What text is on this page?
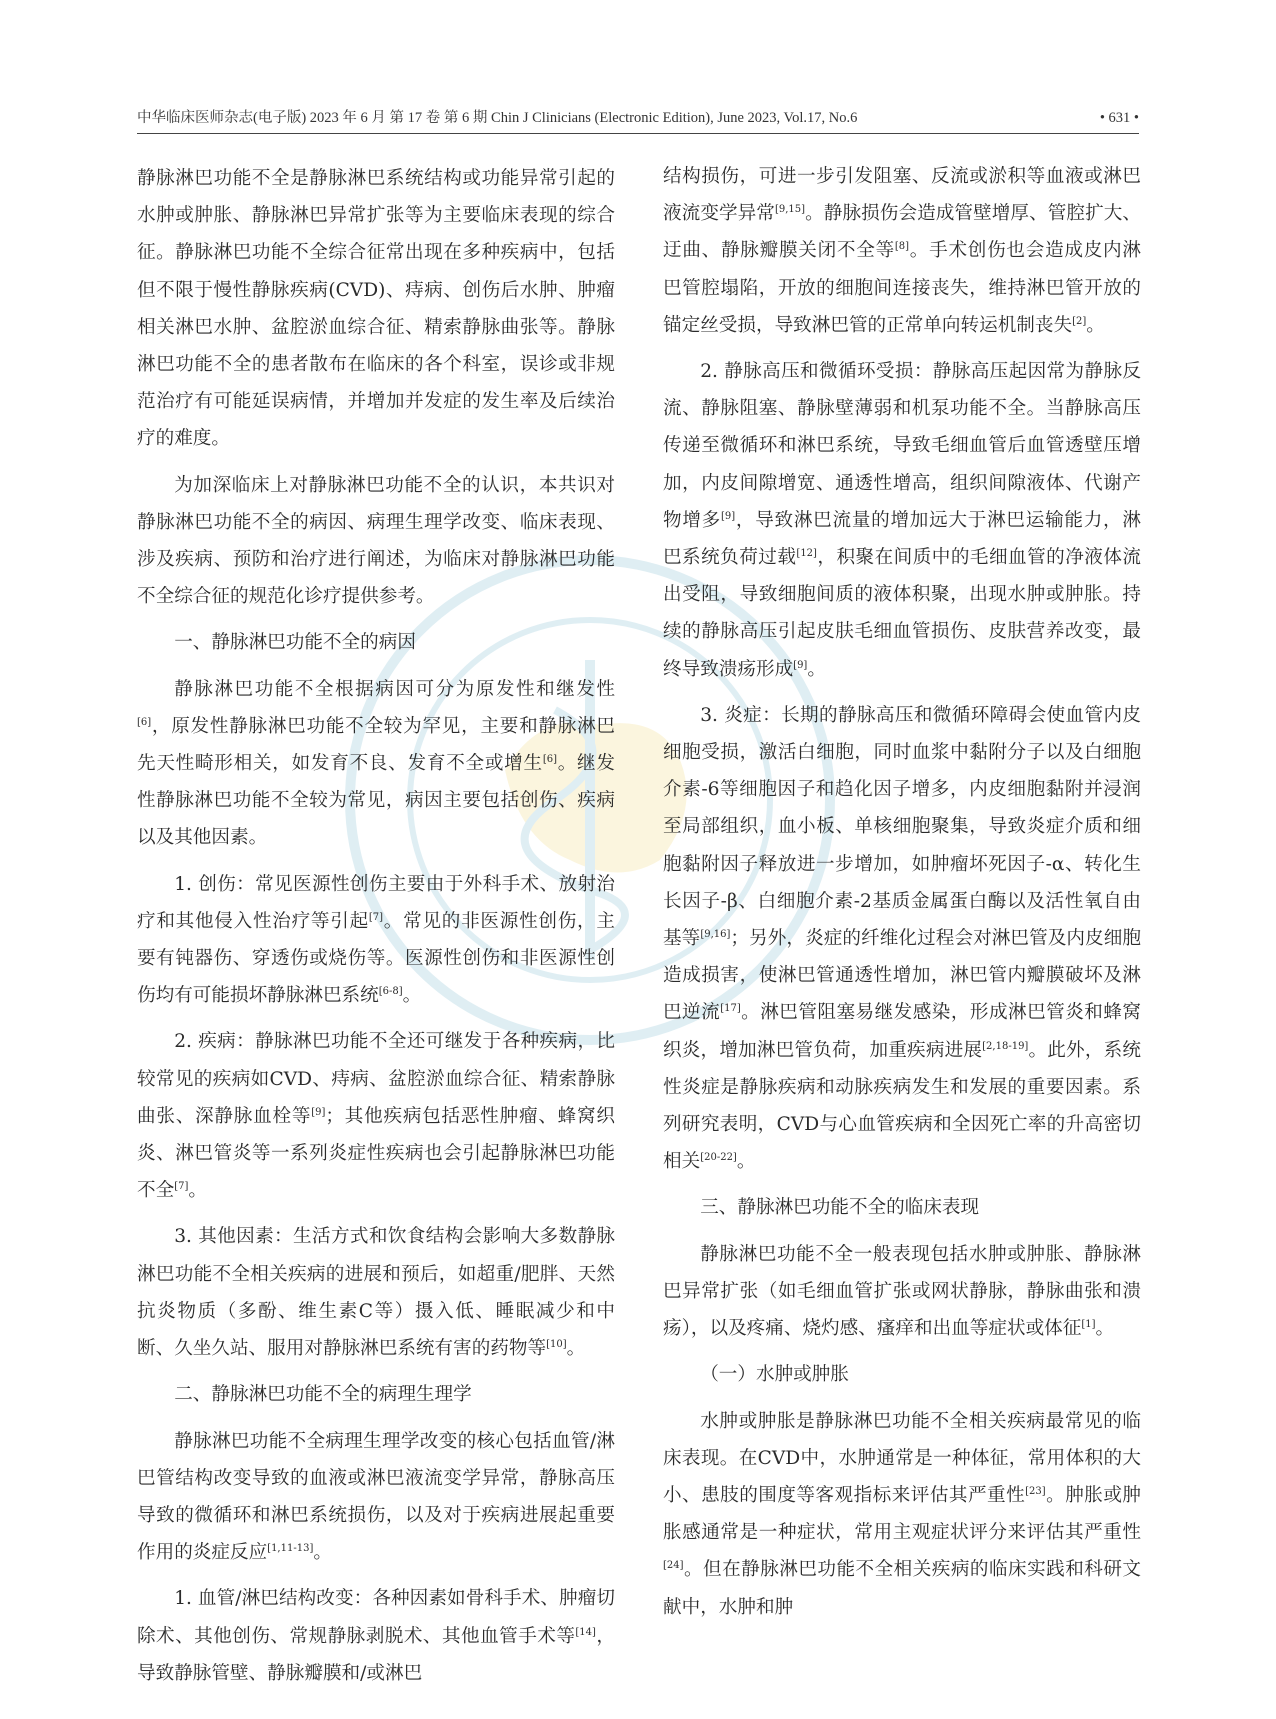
中华临床医师杂志(电子版) 2023 年 6 月 第 17 卷 第 6 期 Chin J Clinicians (Electronic Edition), June 2023, Vol.17, No.6	• 631 •

静脉淋巴功能不全是静脉淋巴系统结构或功能异常引起的水肿或肿胀、静脉淋巴异常扩张等为主要临床表现的综合征。静脉淋巴功能不全综合征常出现在多种疾病中，包括但不限于慢性静脉疾病(CVD)、痔病、创伤后水肿、肿瘤相关淋巴水肿、盆腔淤血综合征、精索静脉曲张等。静脉淋巴功能不全的患者散布在临床的各个科室，误诊或非规范治疗有可能延误病情，并增加并发症的发生率及后续治疗的难度。

为加深临床上对静脉淋巴功能不全的认识，本共识对静脉淋巴功能不全的病因、病理生理学改变、临床表现、涉及疾病、预防和治疗进行阐述，为临床对静脉淋巴功能不全综合征的规范化诊疗提供参考。

一、静脉淋巴功能不全的病因

静脉淋巴功能不全根据病因可分为原发性和继发性[6]，原发性静脉淋巴功能不全较为罕见，主要和静脉淋巴先天性畸形相关，如发育不良、发育不全或增生[6]。继发性静脉淋巴功能不全较为常见，病因主要包括创伤、疾病以及其他因素。

1. 创伤：常见医源性创伤主要由于外科手术、放射治疗和其他侵入性治疗等引起[7]。常见的非医源性创伤，主要有钝器伤、穿透伤或烧伤等。医源性创伤和非医源性创伤均有可能损坏静脉淋巴系统[6-8]。

2. 疾病：静脉淋巴功能不全还可继发于各种疾病，比较常见的疾病如CVD、痔病、盆腔淤血综合征、精索静脉曲张、深静脉血栓等[9]；其他疾病包括恶性肿瘤、蜂窝织炎、淋巴管炎等一系列炎症性疾病也会引起静脉淋巴功能不全[7]。

3. 其他因素：生活方式和饮食结构会影响大多数静脉淋巴功能不全相关疾病的进展和预后，如超重/肥胖、天然抗炎物质（多酚、维生素C等）摄入低、睡眠减少和中断、久坐久站、服用对静脉淋巴系统有害的药物等[10]。

二、静脉淋巴功能不全的病理生理学

静脉淋巴功能不全病理生理学改变的核心包括血管/淋巴管结构改变导致的血液或淋巴液流变学异常，静脉高压导致的微循环和淋巴系统损伤，以及对于疾病进展起重要作用的炎症反应[1,11-13]。

1. 血管/淋巴结构改变：各种因素如骨科手术、肿瘤切除术、其他创伤、常规静脉剥脱术、其他血管手术等[14]，导致静脉管壁、静脉瓣膜和/或淋巴

结构损伤，可进一步引发阻塞、反流或淤积等血液或淋巴液流变学异常[9,15]。静脉损伤会造成管壁增厚、管腔扩大、迂曲、静脉瓣膜关闭不全等[8]。手术创伤也会造成皮内淋巴管腔塌陷，开放的细胞间连接丧失，维持淋巴管开放的锚定丝受损，导致淋巴管的正常单向转运机制丧失[2]。

2. 静脉高压和微循环受损：静脉高压起因常为静脉反流、静脉阻塞、静脉壁薄弱和机泵功能不全。当静脉高压传递至微循环和淋巴系统，导致毛细血管后血管透壁压增加，内皮间隙增宽、通透性增高，组织间隙液体、代谢产物增多[9]，导致淋巴流量的增加远大于淋巴运输能力，淋巴系统负荷过载[12]，积聚在间质中的毛细血管的净液体流出受阻，导致细胞间质的液体积聚，出现水肿或肿胀。持续的静脉高压引起皮肤毛细血管损伤、皮肤营养改变，最终导致溃疡形成[9]。

3. 炎症：长期的静脉高压和微循环障碍会使血管内皮细胞受损，激活白细胞，同时血浆中黏附分子以及白细胞介素-6等细胞因子和趋化因子增多，内皮细胞黏附并浸润至局部组织，血小板、单核细胞聚集，导致炎症介质和细胞黏附因子释放进一步增加，如肿瘤坏死因子-α、转化生长因子-β、白细胞介素-2基质金属蛋白酶以及活性氧自由基等[9,16]；另外，炎症的纤维化过程会对淋巴管及内皮细胞造成损害，使淋巴管通透性增加，淋巴管内瓣膜破坏及淋巴逆流[17]。淋巴管阻塞易继发感染，形成淋巴管炎和蜂窝织炎，增加淋巴管负荷，加重疾病进展[2,18-19]。此外，系统性炎症是静脉疾病和动脉疾病发生和发展的重要因素。系列研究表明，CVD与心血管疾病和全因死亡率的升高密切相关[20-22]。

三、静脉淋巴功能不全的临床表现

静脉淋巴功能不全一般表现包括水肿或肿胀、静脉淋巴异常扩张（如毛细血管扩张或网状静脉，静脉曲张和溃疡），以及疼痛、烧灼感、瘙痒和出血等症状或体征[1]。

（一）水肿或肿胀

水肿或肿胀是静脉淋巴功能不全相关疾病最常见的临床表现。在CVD中，水肿通常是一种体征，常用体积的大小、患肢的围度等客观指标来评估其严重性[23]。肿胀或肿胀感通常是一种症状，常用主观症状评分来评估其严重性[24]。但在静脉淋巴功能不全相关疾病的临床实践和科研文献中，水肿和肿
